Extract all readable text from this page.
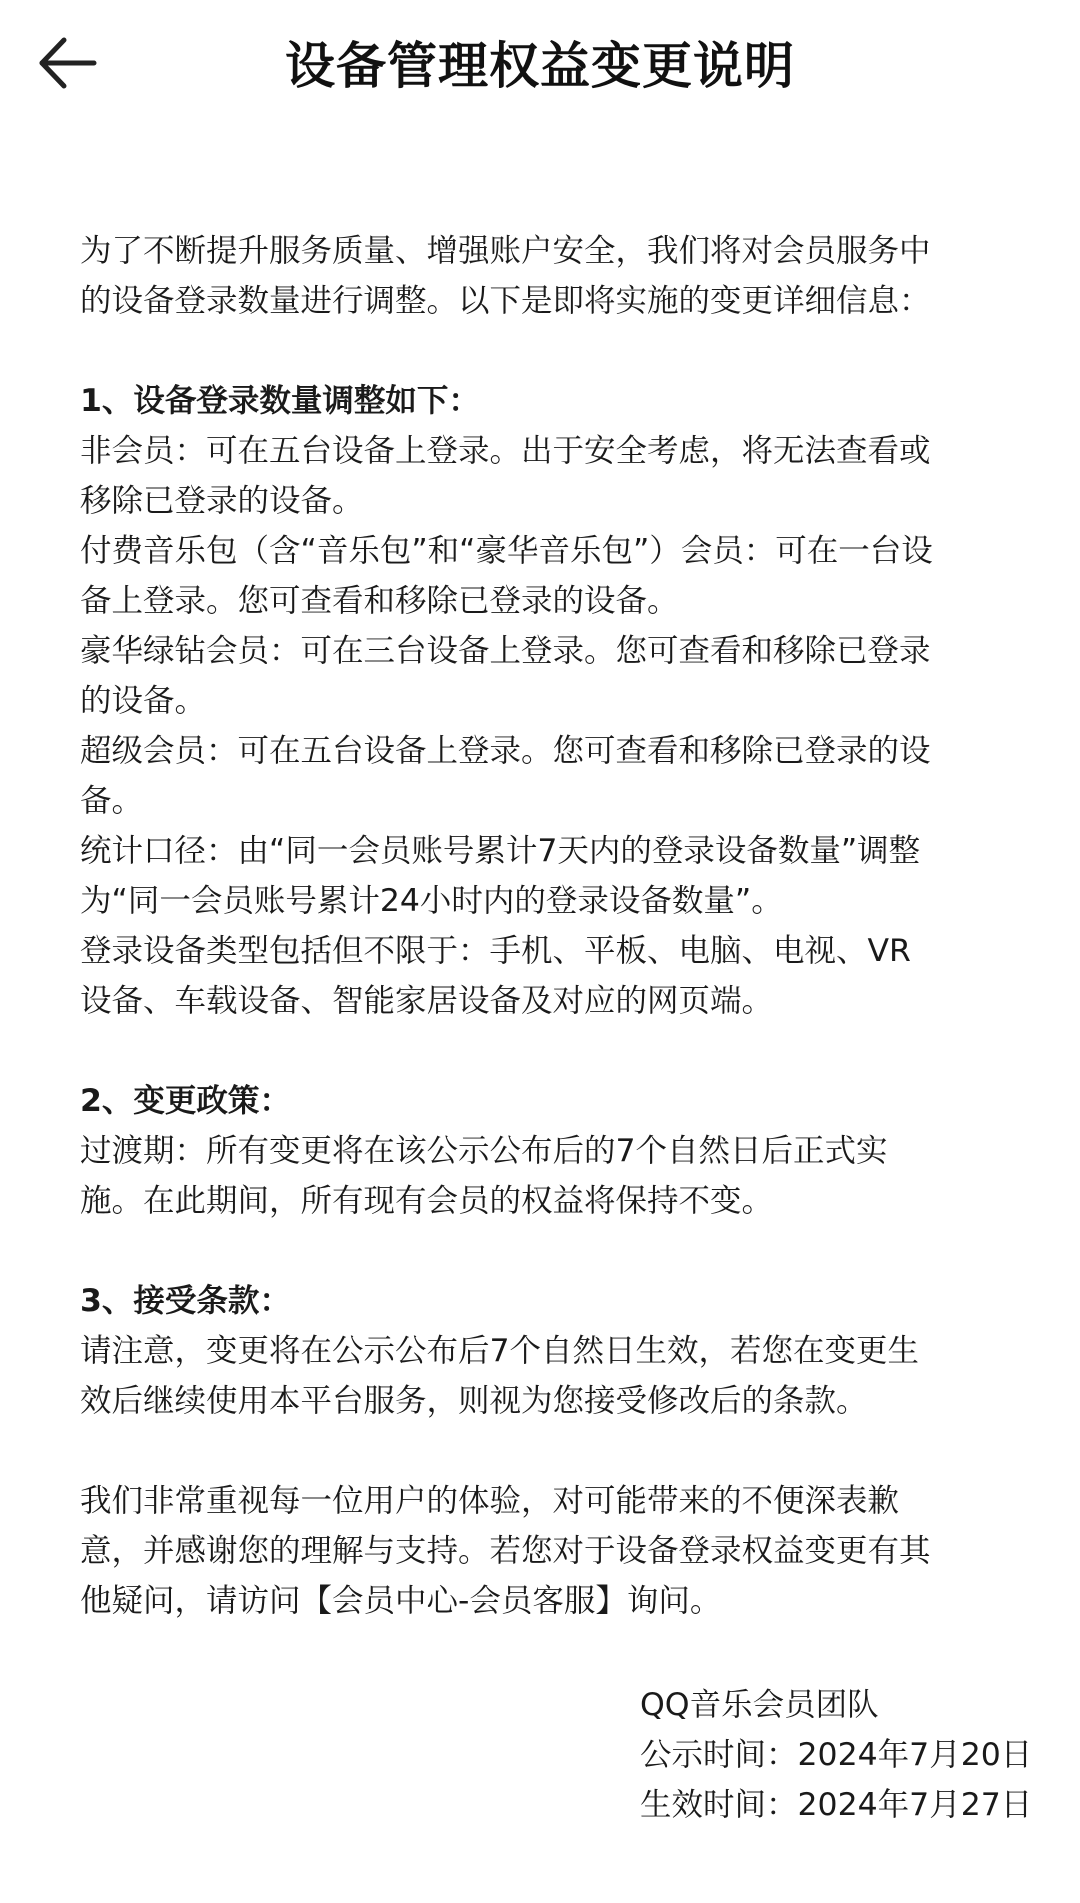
设备管理权益变更说明

为了不断提升服务质量、增强账户安全，我们将对会员服务中

的设备登录数量进行调整。以下是即将实施的变更详细信息：

1、设备登录数量调整如下：

非会员：可在五台设备上登录。出于安全考虑，将无法查看或

移除已登录的设备。

付费音乐包（含“音乐包”和“豪华音乐包”）会员：可在一台设

备上登录。您可查看和移除已登录的设备。

豪华绿钻会员：可在三台设备上登录。您可查看和移除已登录

的设备。

超级会员：可在五台设备上登录。您可查看和移除已登录的设

备。

统计口径：由“同一会员账号累计7天内的登录设备数量”调整

为“同一会员账号累计24小时内的登录设备数量”。

登录设备类型包括但不限于：手机、平板、电脑、电视、VR

设备、车载设备、智能家居设备及对应的网页端。

2、变更政策：

过渡期：所有变更将在该公示公布后的7个自然日后正式实

施。在此期间，所有现有会员的权益将保持不变。

3、接受条款：

请注意，变更将在公示公布后7个自然日生效，若您在变更生

效后继续使用本平台服务，则视为您接受修改后的条款。

我们非常重视每一位用户的体验，对可能带来的不便深表歉

意，并感谢您的理解与支持。若您对于设备登录权益变更有其

他疑问，请访问【会员中心-会员客服】询问。

QQ音乐会员团队
公示时间：2024年7月20日
生效时间：2024年7月27日
